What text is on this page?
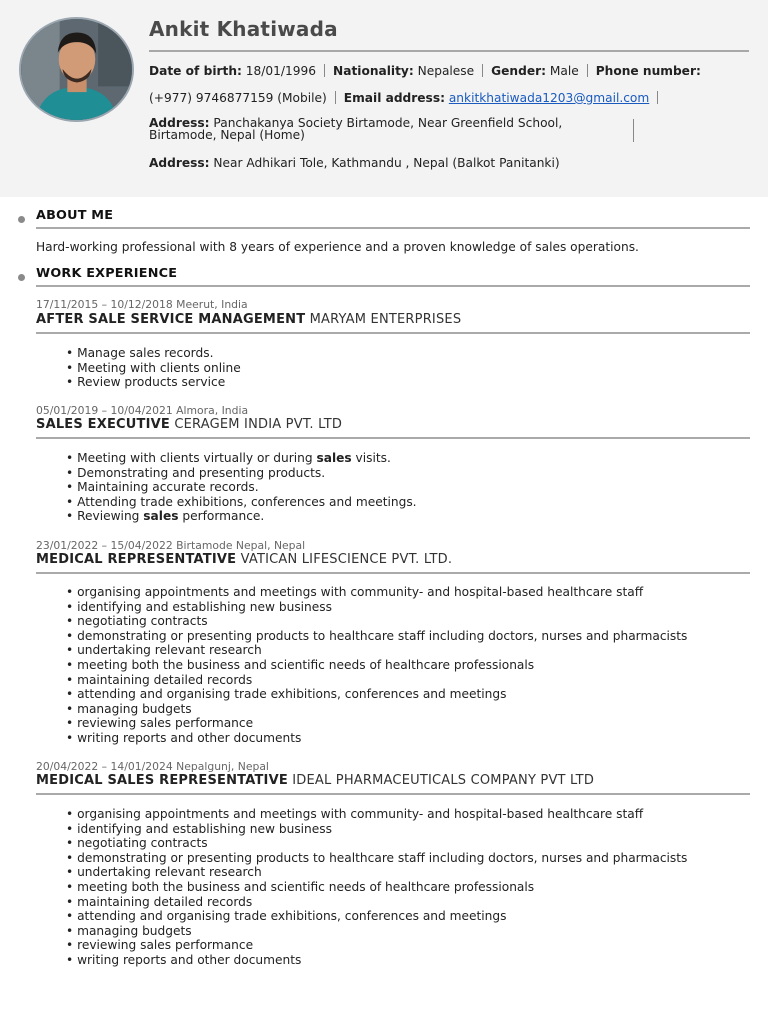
Ankit Khatiwada
Date of birth: 18/01/1996 Nationality: Nepalese Gender: Male Phone number:
(+977) 9746877159 (Mobile) Email address: ankitkhatiwada1203@gmail.com
Address: Panchakanya Society Birtamode, Near Greenfield School, Birtamode, Nepal (Home)
Address: Near Adhikari Tole, Kathmandu , Nepal (Balkot Panitanki)
ABOUT ME
Hard-working professional with 8 years of experience and a proven knowledge of sales operations.
WORK EXPERIENCE
17/11/2015 – 10/12/2018 Meerut, India
AFTER SALE SERVICE MANAGEMENT MARYAM ENTERPRISES
• Manage sales records.
• Meeting with clients online
• Review products service
05/01/2019 – 10/04/2021 Almora, India
SALES EXECUTIVE CERAGEM INDIA PVT. LTD
• Meeting with clients virtually or during sales visits.
• Demonstrating and presenting products.
• Maintaining accurate records.
• Attending trade exhibitions, conferences and meetings.
• Reviewing sales performance.
23/01/2022 – 15/04/2022 Birtamode Nepal, Nepal
MEDICAL REPRESENTATIVE VATICAN LIFESCIENCE PVT. LTD.
• organising appointments and meetings with community- and hospital-based healthcare staff
• identifying and establishing new business
• negotiating contracts
• demonstrating or presenting products to healthcare staff including doctors, nurses and pharmacists
• undertaking relevant research
• meeting both the business and scientific needs of healthcare professionals
• maintaining detailed records
• attending and organising trade exhibitions, conferences and meetings
• managing budgets
• reviewing sales performance
• writing reports and other documents
20/04/2022 – 14/01/2024 Nepalgunj, Nepal
MEDICAL SALES REPRESENTATIVE IDEAL PHARMACEUTICALS COMPANY PVT LTD
• organising appointments and meetings with community- and hospital-based healthcare staff
• identifying and establishing new business
• negotiating contracts
• demonstrating or presenting products to healthcare staff including doctors, nurses and pharmacists
• undertaking relevant research
• meeting both the business and scientific needs of healthcare professionals
• maintaining detailed records
• attending and organising trade exhibitions, conferences and meetings
• managing budgets
• reviewing sales performance
• writing reports and other documents
